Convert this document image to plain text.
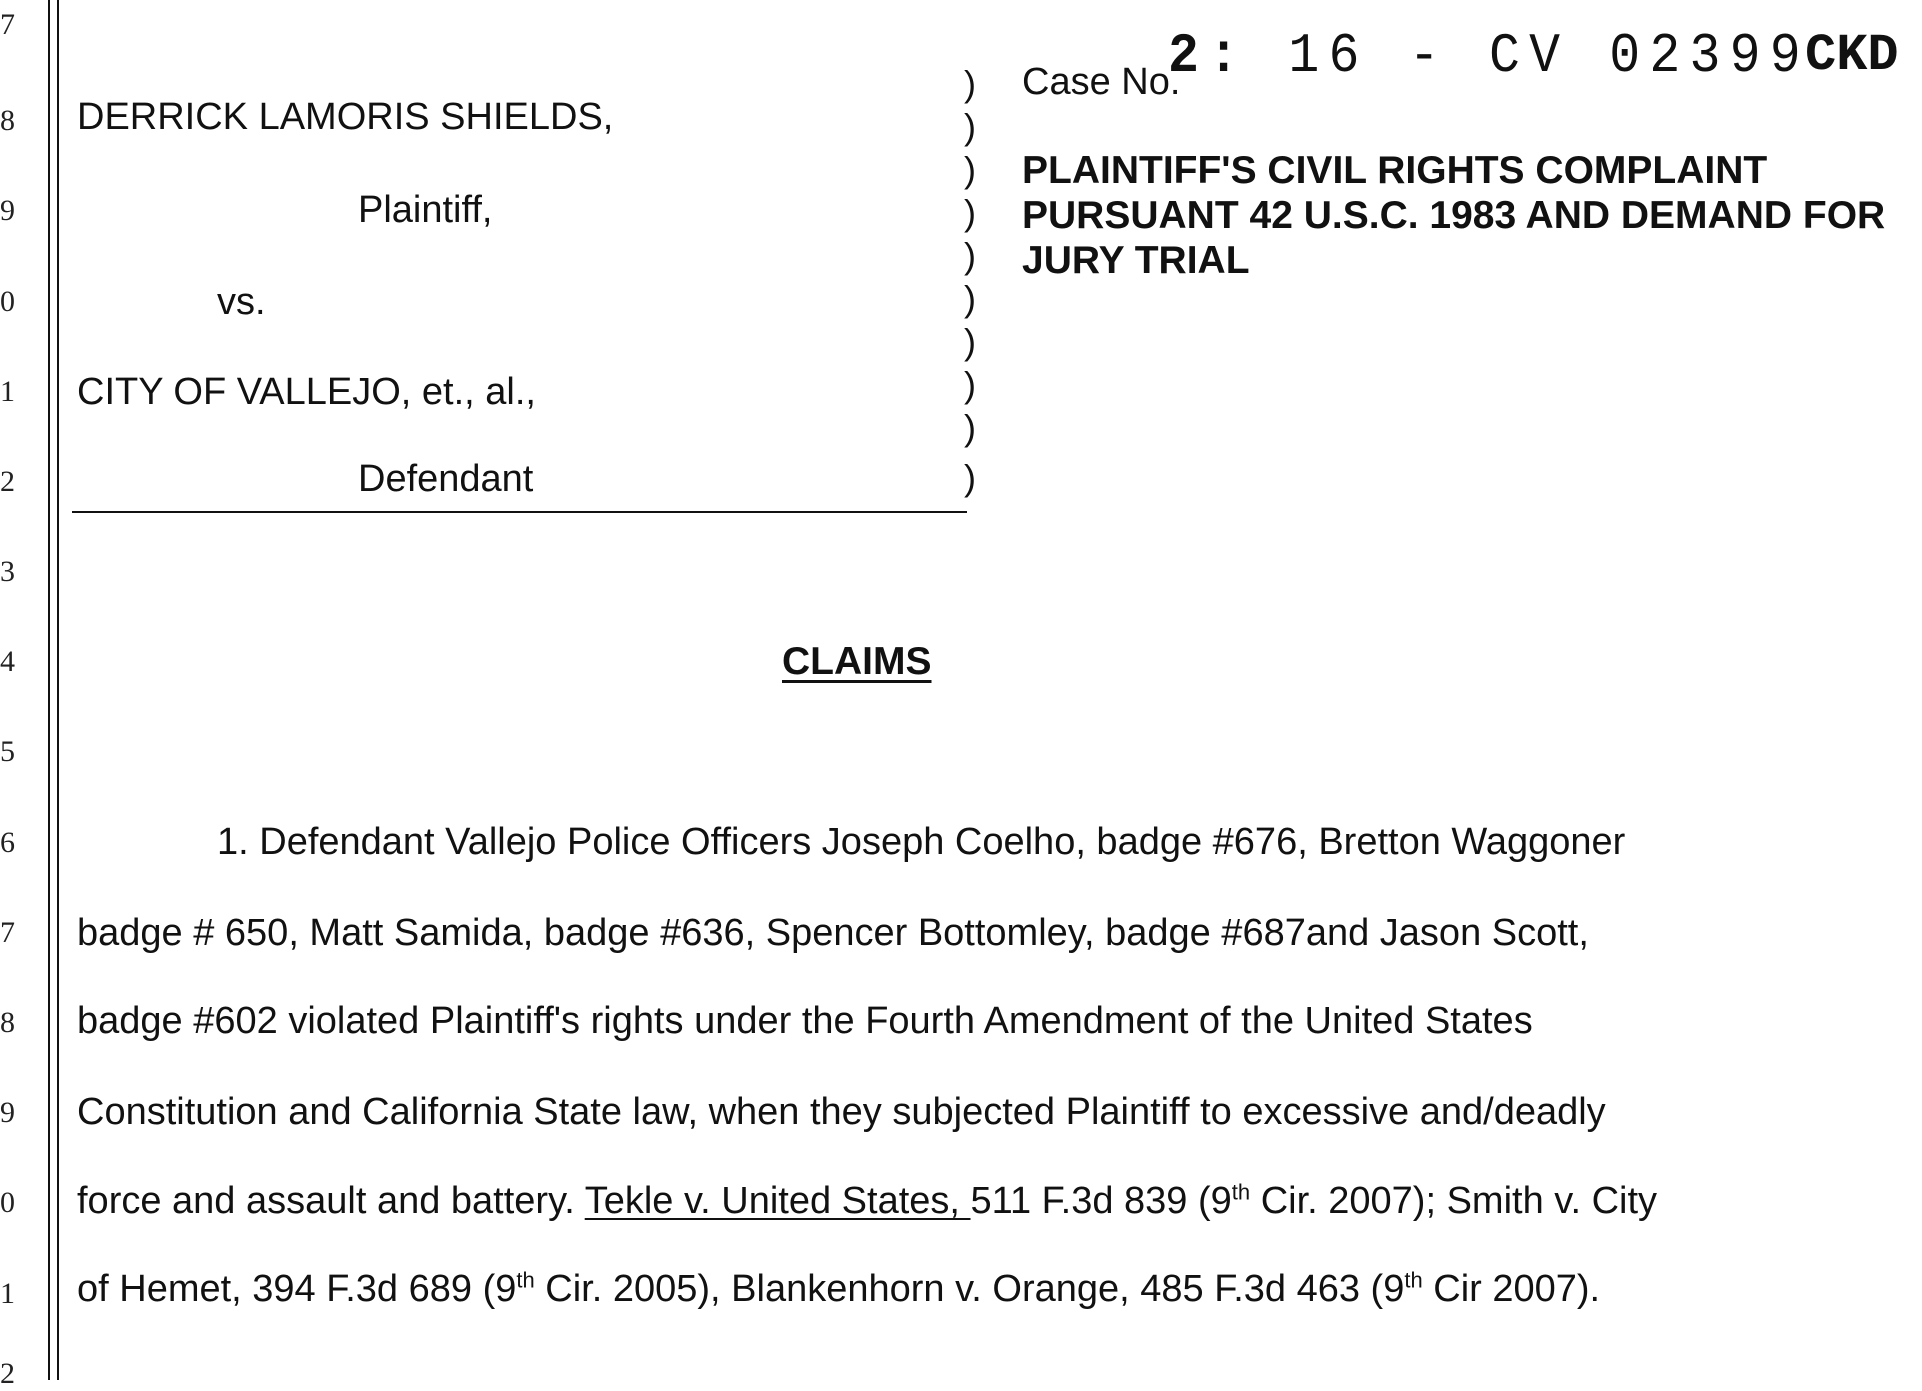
7
8
9
0
1
2
3
4
5
6
7
8
9
0
1
2
DERRICK LAMORIS SHIELDS,
Plaintiff,
vs.
CITY OF VALLEJO, et., al.,
Defendant
)
)
)
)
)
)
)
)
)
)
Case No.
2: 16 - CV 02399
CKD
PLAINTIFF'S CIVIL RIGHTS COMPLAINT PURSUANT 42 U.S.C. 1983 AND DEMAND FOR JURY TRIAL
CLAIMS
1. Defendant Vallejo Police Officers Joseph Coelho, badge #676, Bretton Waggoner
badge # 650, Matt Samida, badge #636, Spencer Bottomley, badge #687and Jason Scott,
badge #602 violated Plaintiff's rights under the Fourth Amendment of the United States
Constitution and California State law, when they subjected Plaintiff to excessive and/deadly
force and assault and battery. Tekle v. United States, 511 F.3d 839 (9th Cir. 2007); Smith v. City
of Hemet, 394 F.3d 689 (9th Cir. 2005), Blankenhorn v. Orange, 485 F.3d 463 (9th Cir 2007).
